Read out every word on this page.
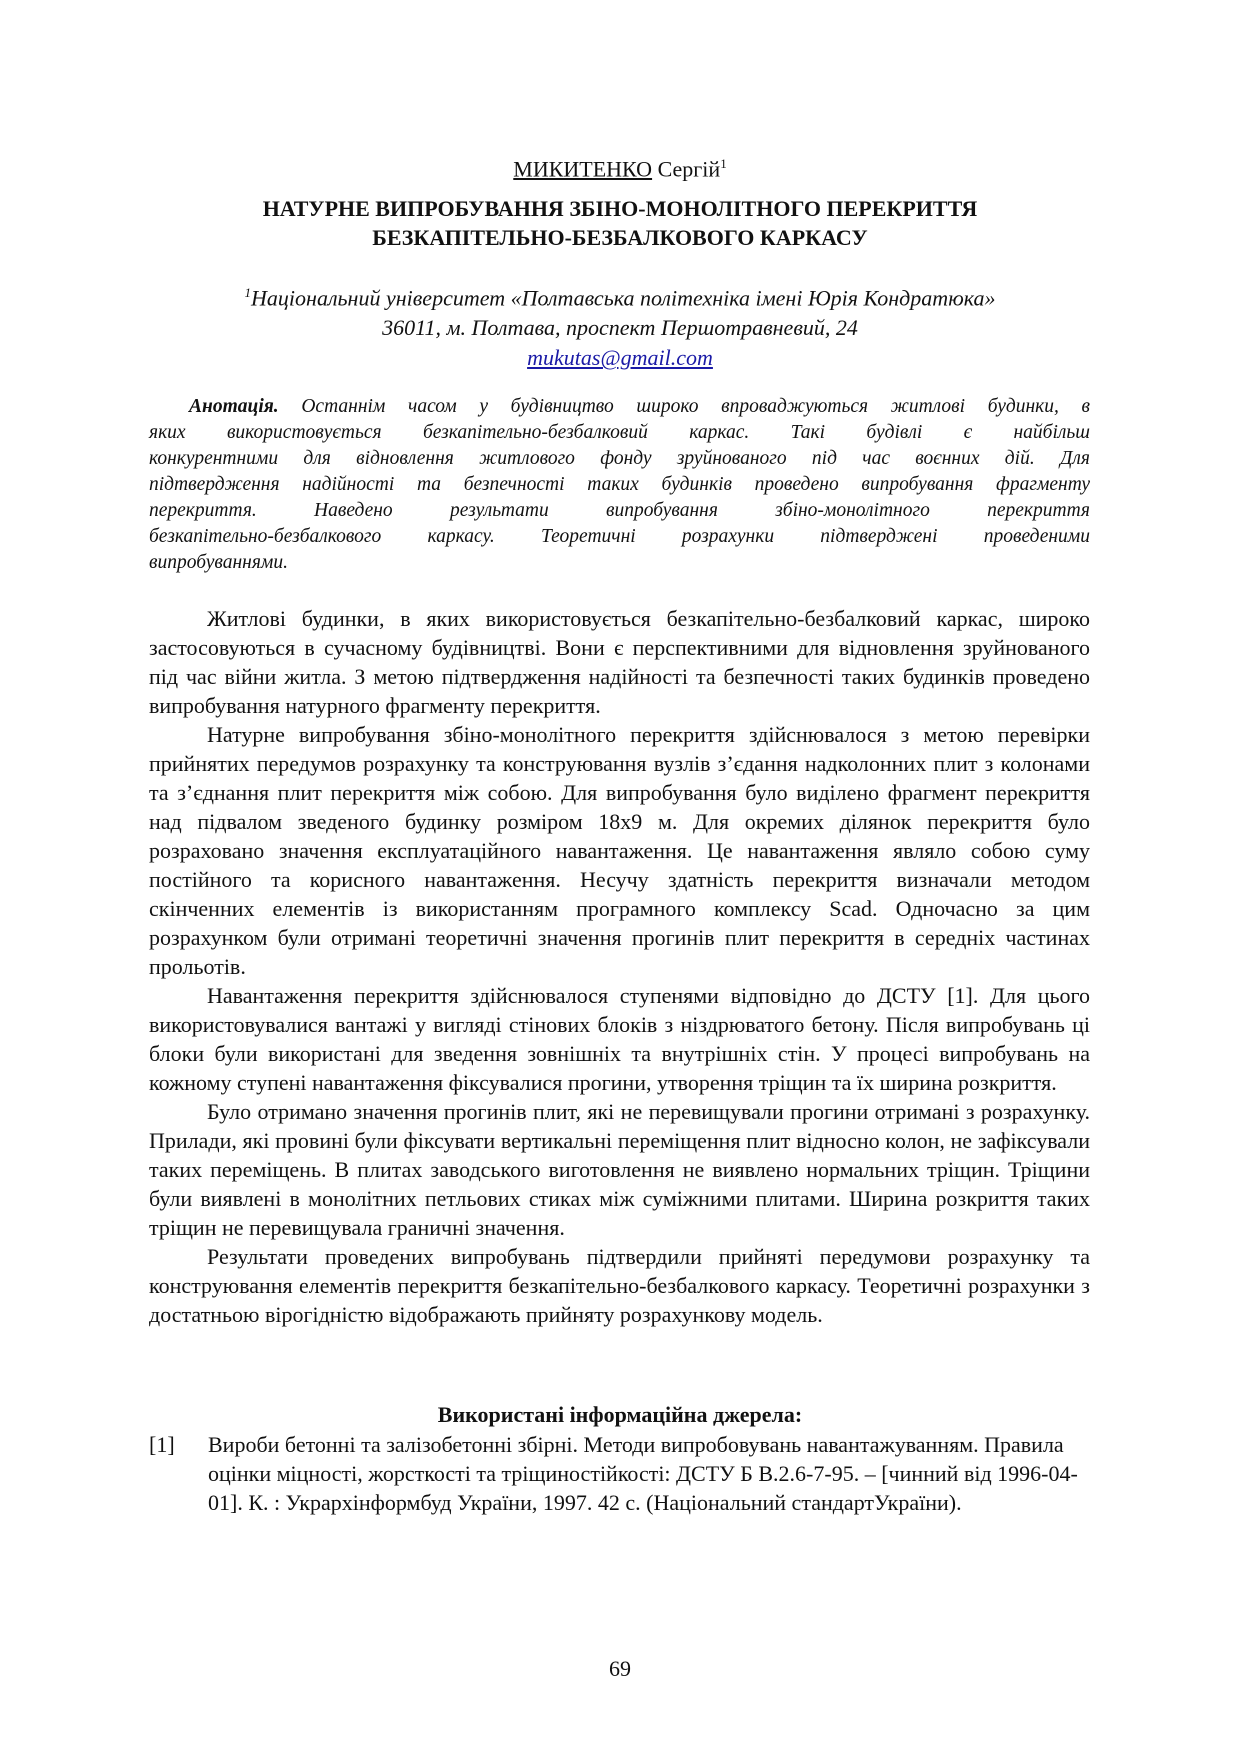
МИКИТЕНКО Сергій$^1$
НАТУРНЕ ВИПРОБУВАННЯ ЗБІНО-МОНОЛІТНОГО ПЕРЕКРИТТЯ
БЕЗКАПІТЕЛЬНО-БЕЗБАЛКОВОГО КАРКАСУ
$^1$Національний університет «Полтавська політехніка імені Юрія Кондратюка»
36011, м. Полтава, проспект Першотравневий, 24
mukutas@gmail.com
Анотація. Останнім часом у будівництво широко впроваджуються житлові будинки, в
яких використовується безкапітельно-безбалковий каркас. Такі будівлі є найбільш
конкурентними для відновлення житлового фонду зруйнованого під час воєнних дій. Для
підтвердження надійності та безпечності таких будинків проведено випробування фрагменту
перекриття. Наведено результати випробування збіно-монолітного перекриття
безкапітельно-безбалкового каркасу. Теоретичні розрахунки підтверджені проведеними
випробуваннями.

Житлові будинки, в яких використовується безкапітельно-безбалковий каркас, широко застосовуються в сучасному будівництві. Вони є перспективними для відновлення зруйнованого під час війни житла. З метою підтвердження надійності та безпечності таких будинків проведено випробування натурного фрагменту перекриття.

Натурне випробування збіно-монолітного перекриття здійснювалося з метою перевірки прийнятих передумов розрахунку та конструювання вузлів з’єдання надколонних плит з колонами та з’єднання плит перекриття між собою. Для випробування було виділено фрагмент перекриття над підвалом зведеного будинку розміром 18х9 м. Для окремих ділянок перекриття було розраховано значення експлуатаційного навантаження. Це навантаження являло собою суму постійного та корисного навантаження. Несучу здатність перекриття визначали методом скінченних елементів із використанням програмного комплексу Scad. Одночасно за цим розрахунком були отримані теоретичні значення прогинів плит перекриття в середніх частинах прольотів.

Навантаження перекриття здійснювалося ступенями відповідно до ДСТУ [1]. Для цього використовувалися вантажі у вигляді стінових блоків з ніздрюватого бетону. Після випробувань ці блоки були використані для зведення зовнішніх та внутрішніх стін. У процесі випробувань на кожному ступені навантаження фіксувалися прогини, утворення тріщин та їх ширина розкриття.

Було отримано значення прогинів плит, які не перевищували прогини отримані з розрахунку. Прилади, які провині були фіксувати вертикальні переміщення плит відносно колон, не зафіксували таких переміщень. В плитах заводського виготовлення не виявлено нормальних тріщин. Тріщини були виявлені в монолітних петльових стиках між суміжними плитами. Ширина розкриття таких тріщин не перевищувала граничні значення.

Результати проведених випробувань підтвердили прийняті передумови розрахунку та конструювання елементів перекриття безкапітельно-безбалкового каркасу. Теоретичні розрахунки з достатньою вірогідністю відображають прийняту розрахункову модель.

Використані інформаційна джерела:
[1] Вироби бетонні та залізобетонні збірні. Методи випробовувань навантажуванням. Правила оцінки міцності, жорсткості та тріщиностійкості: ДСТУ Б В.2.6-7-95. – [чинний від 1996-04-01]. К. : Укрархінформбуд України, 1997. 42 с. (Національний стандартУкраїни).
69
